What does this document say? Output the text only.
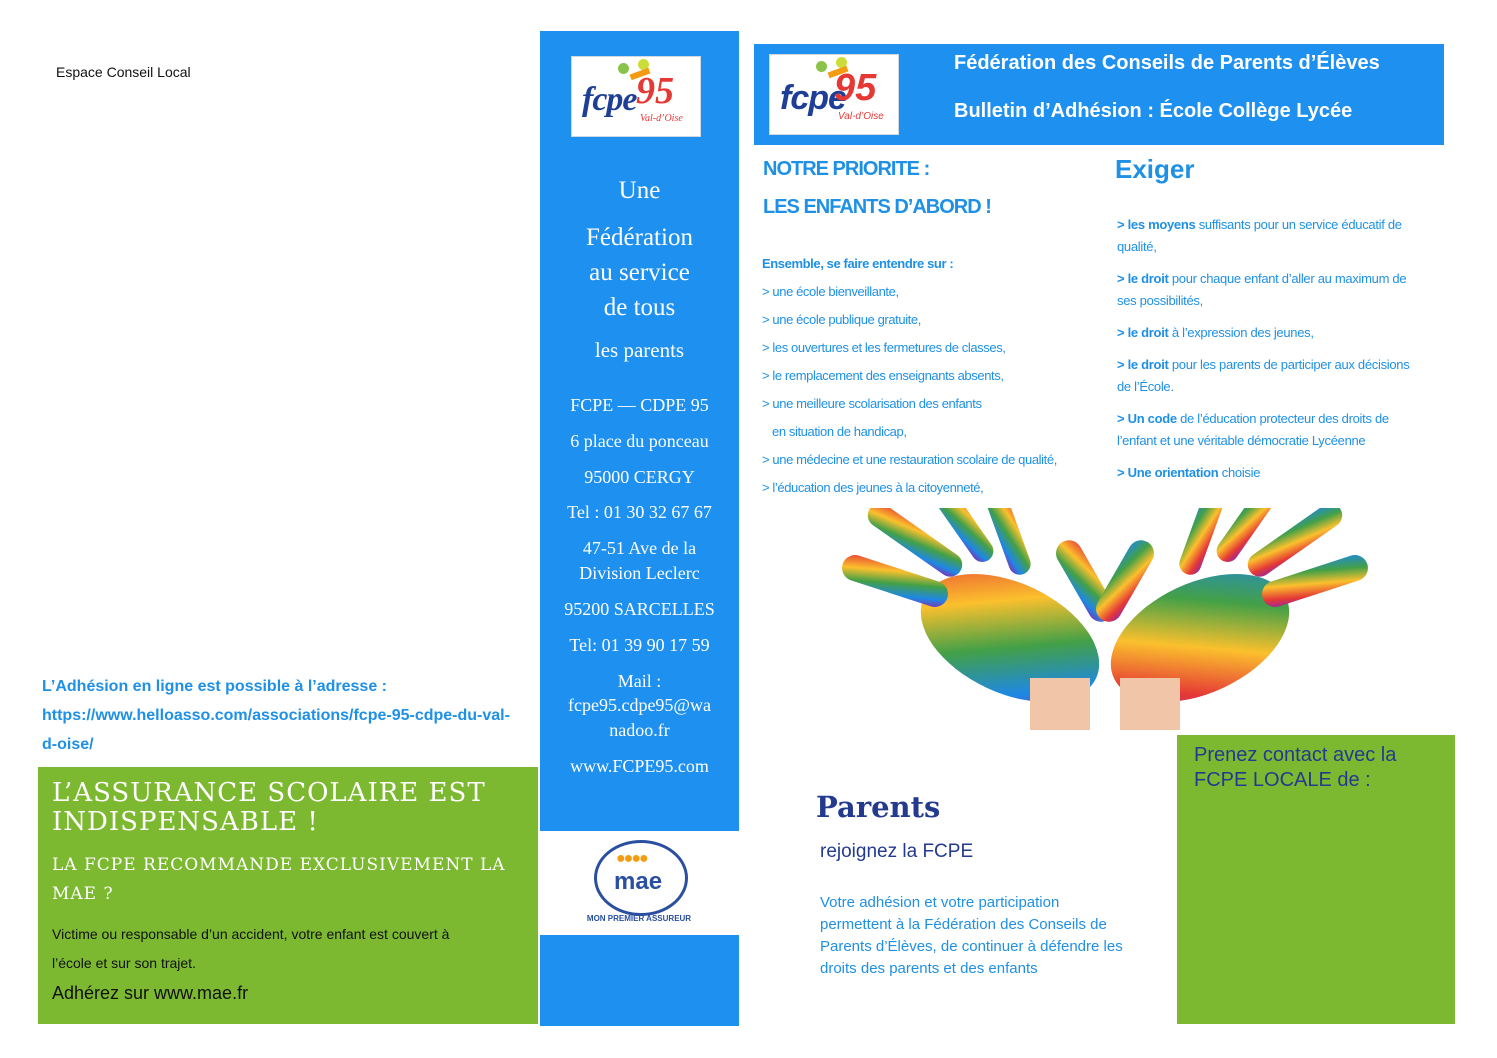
Espace Conseil Local
L’Adhésion en ligne est possible à l’adresse : https://www.helloasso.com/associations/fcpe-95-cdpe-du-val-d-oise/
L’ASSURANCE SCOLAIRE EST INDISPENSABLE !
LA FCPE RECOMMANDE EXCLUSIVEMENT LA MAE ?
Victime ou responsable d’un accident, votre enfant est couvert à l’école et sur son trajet.
Adhérez sur www.mae.fr
fcpe 95
Val-d’Oise
Une
Fédération
au service
de tous
les parents
FCPE — CDPE 95
6 place du ponceau
95000 CERGY
Tel : 01 30 32 67 67
47-51 Ave de la
Division Leclerc
95200 SARCELLES
Tel: 01 39 90 17 59
Mail :
fcpe95.cdpe95@wa
nadoo.fr
www.FCPE95.com
●●●●
mae
MON PREMIER ASSUREUR
fcpe
95
Val-d’Oise
Fédération des Conseils de Parents d’Élèves
Bulletin d’Adhésion : École Collège Lycée
NOTRE PRIORITE :
LES ENFANTS D’ABORD !
Ensemble, se faire entendre sur :
> une école bienveillante,
> une école publique gratuite,
> les ouvertures et les fermetures de classes,
> le remplacement des enseignants absents,
> une meilleure scolarisation des enfants
en situation de handicap,
> une médecine et une restauration scolaire de qualité,
> l’éducation des jeunes à la citoyenneté,
Exiger
> les moyens suffisants pour un service éducatif de qualité,
> le droit pour chaque enfant d’aller au maximum de ses possibilités,
> le droit à l’expression des jeunes,
> le droit pour les parents de participer aux décisions de l’École.
> Un code de l’éducation protecteur des droits de l’enfant et une véritable démocratie Lycéenne
> Une orientation choisie
Parents
rejoignez la FCPE
Votre adhésion et votre participation permettent à la Fédération des Conseils de Parents d’Élèves, de continuer à défendre les droits des parents et des enfants
Prenez contact avec la FCPE LOCALE de :
